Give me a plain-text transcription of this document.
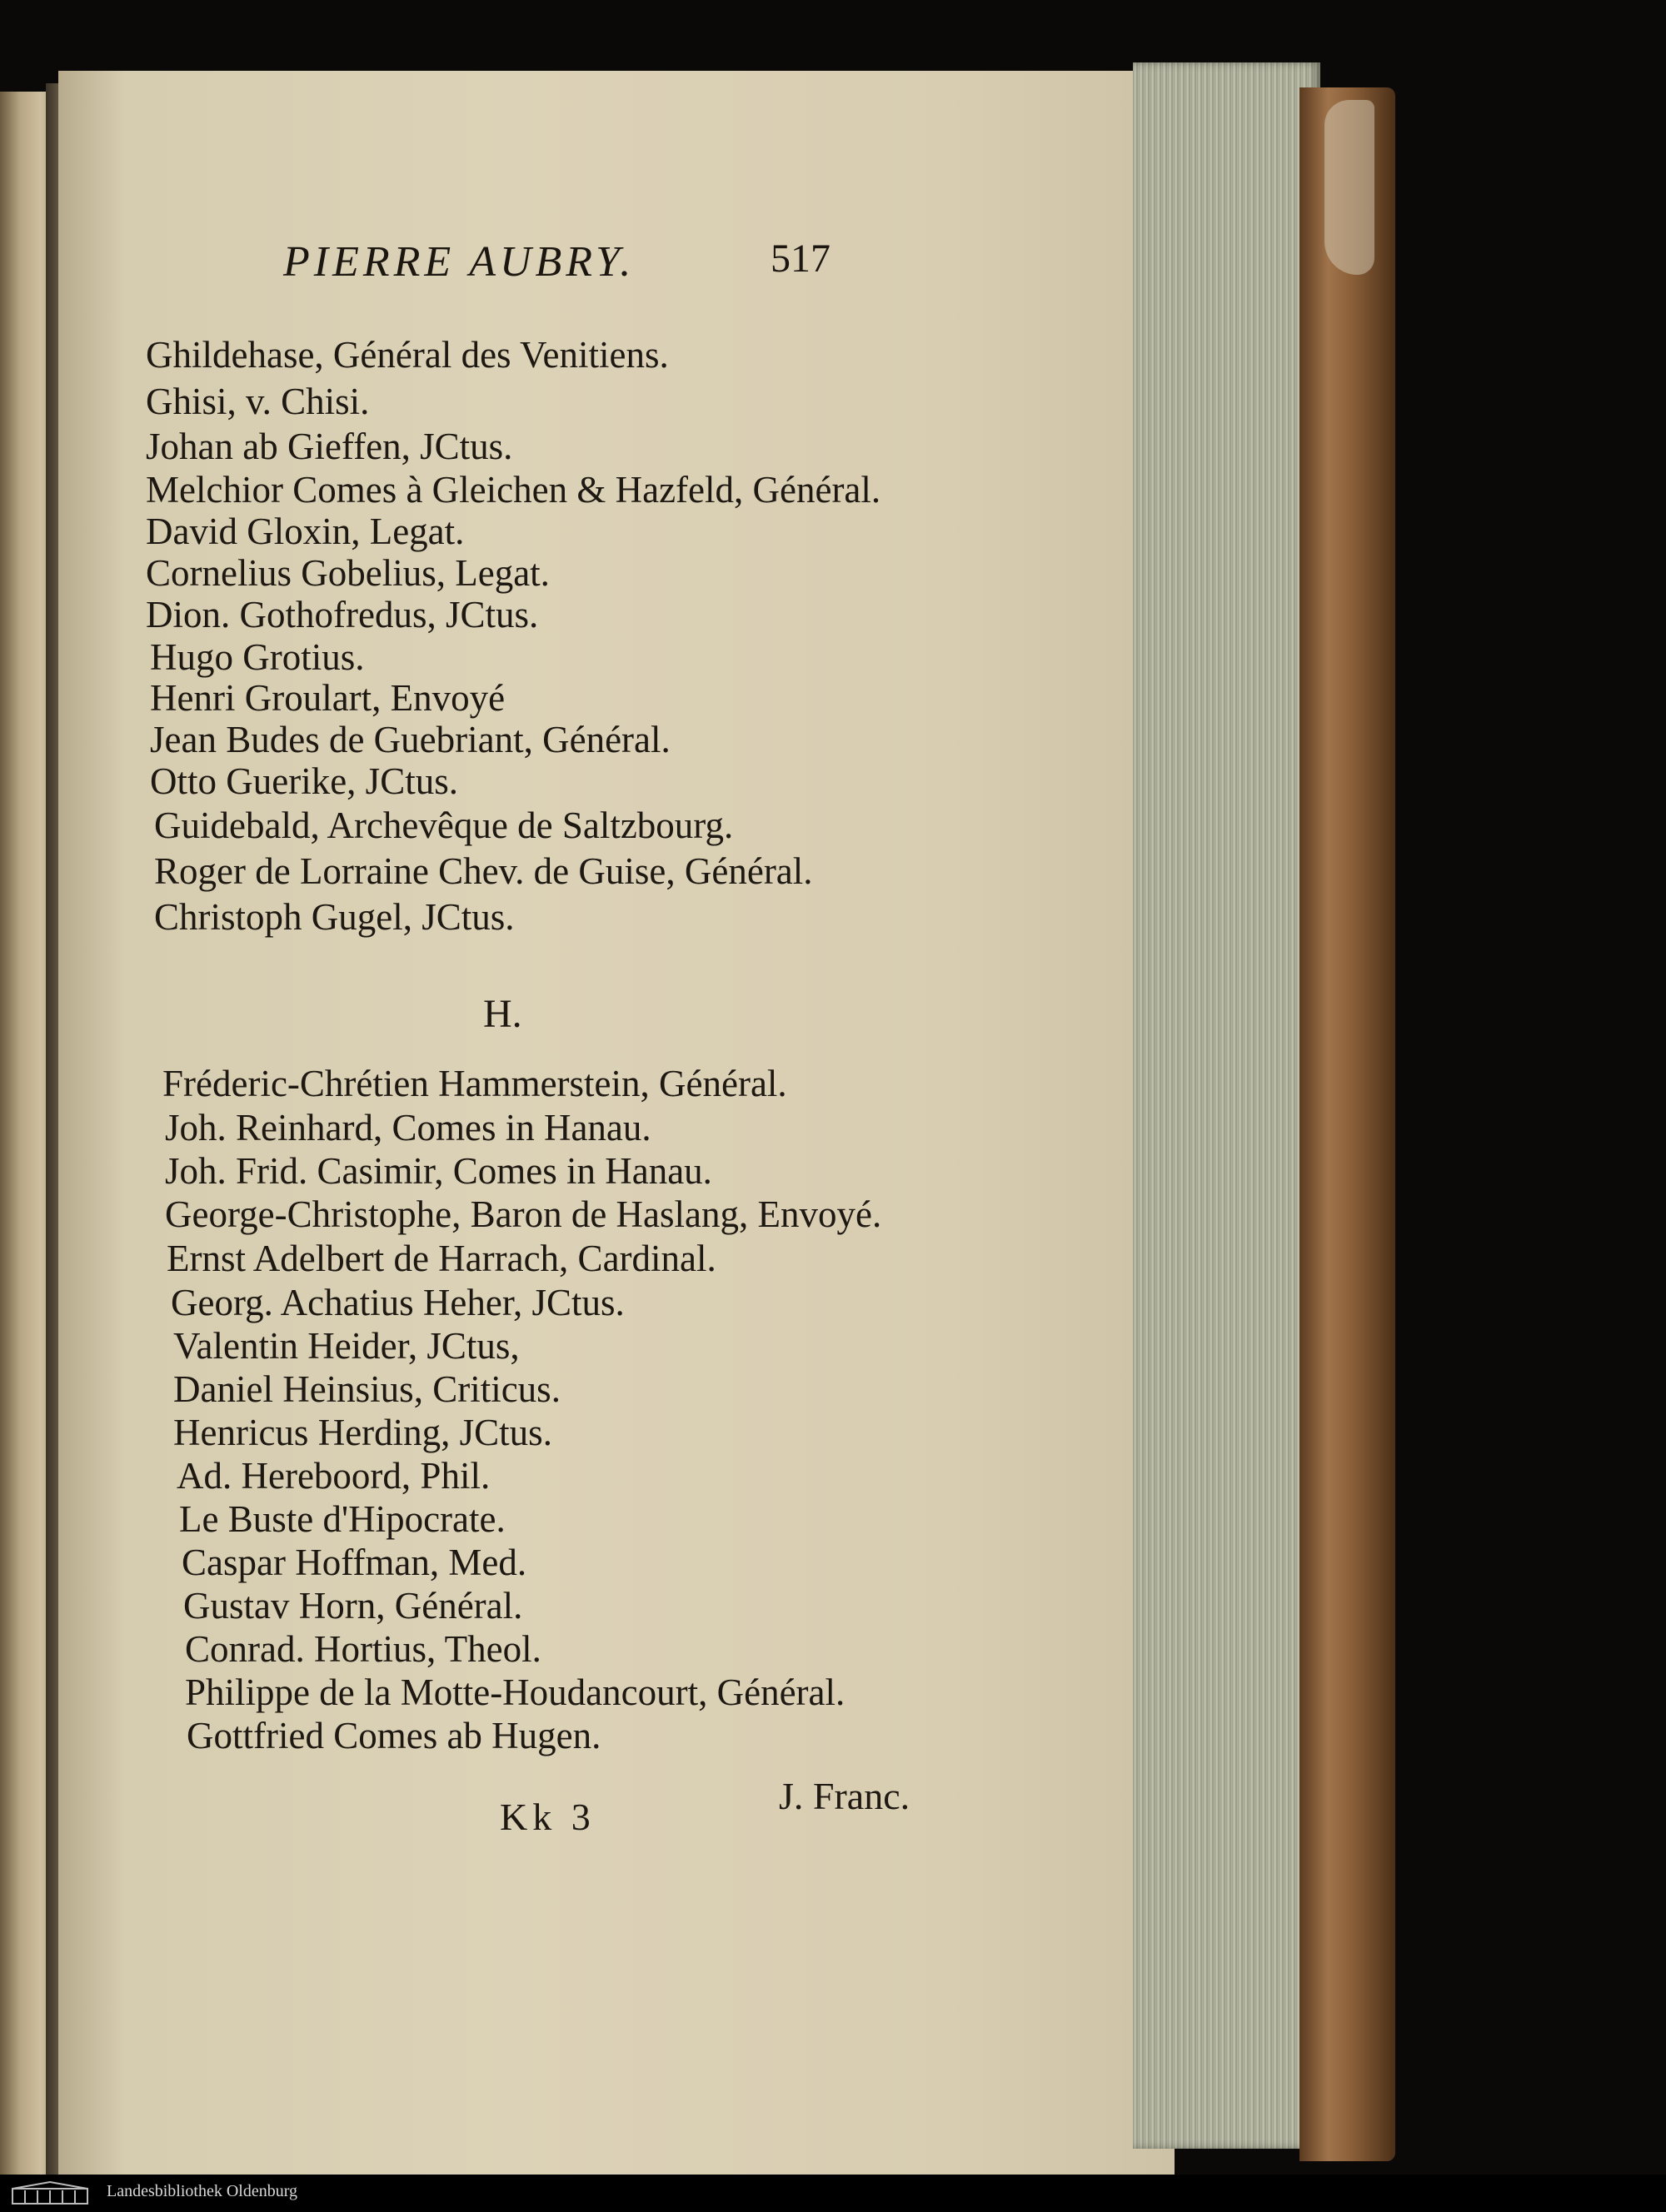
PIERRE AUBRY.	517
Ghildehase, Général des Venitiens.
Ghisi, v. Chisi.
Johan ab Gieffen, JCtus.
Melchior Comes à Gleichen & Hazfeld, Général.
David Gloxin, Legat.
Cornelius Gobelius, Legat.
Dion. Gothofredus, JCtus.
Hugo Grotius.
Henri Groulart, Envoyé
Jean Budes de Guebriant, Général.
Otto Guerike, JCtus.
Guidebald, Archevêque de Saltzbourg.
Roger de Lorraine Chev. de Guise, Général.
Christoph Gugel, JCtus.
H.
Fréderic-Chrétien Hammerstein, Général.
Joh. Reinhard, Comes in Hanau.
Joh. Frid. Casimir, Comes in Hanau.
George-Christophe, Baron de Haslang, Envoyé.
Ernst Adelbert de Harrach, Cardinal.
Georg. Achatius Heher, JCtus.
Valentin Heider, JCtus,
Daniel Heinsius, Criticus.
Henricus Herding, JCtus.
Ad. Hereboord, Phil.
Le Buste d'Hipocrate.
Caspar Hoffman, Med.
Gustav Horn, Général.
Conrad. Hortius, Theol.
Philippe de la Motte-Houdancourt, Général.
Gottfried Comes ab Hugen.
Kk 3	J. Franc.
Landesbibliothek Oldenburg
